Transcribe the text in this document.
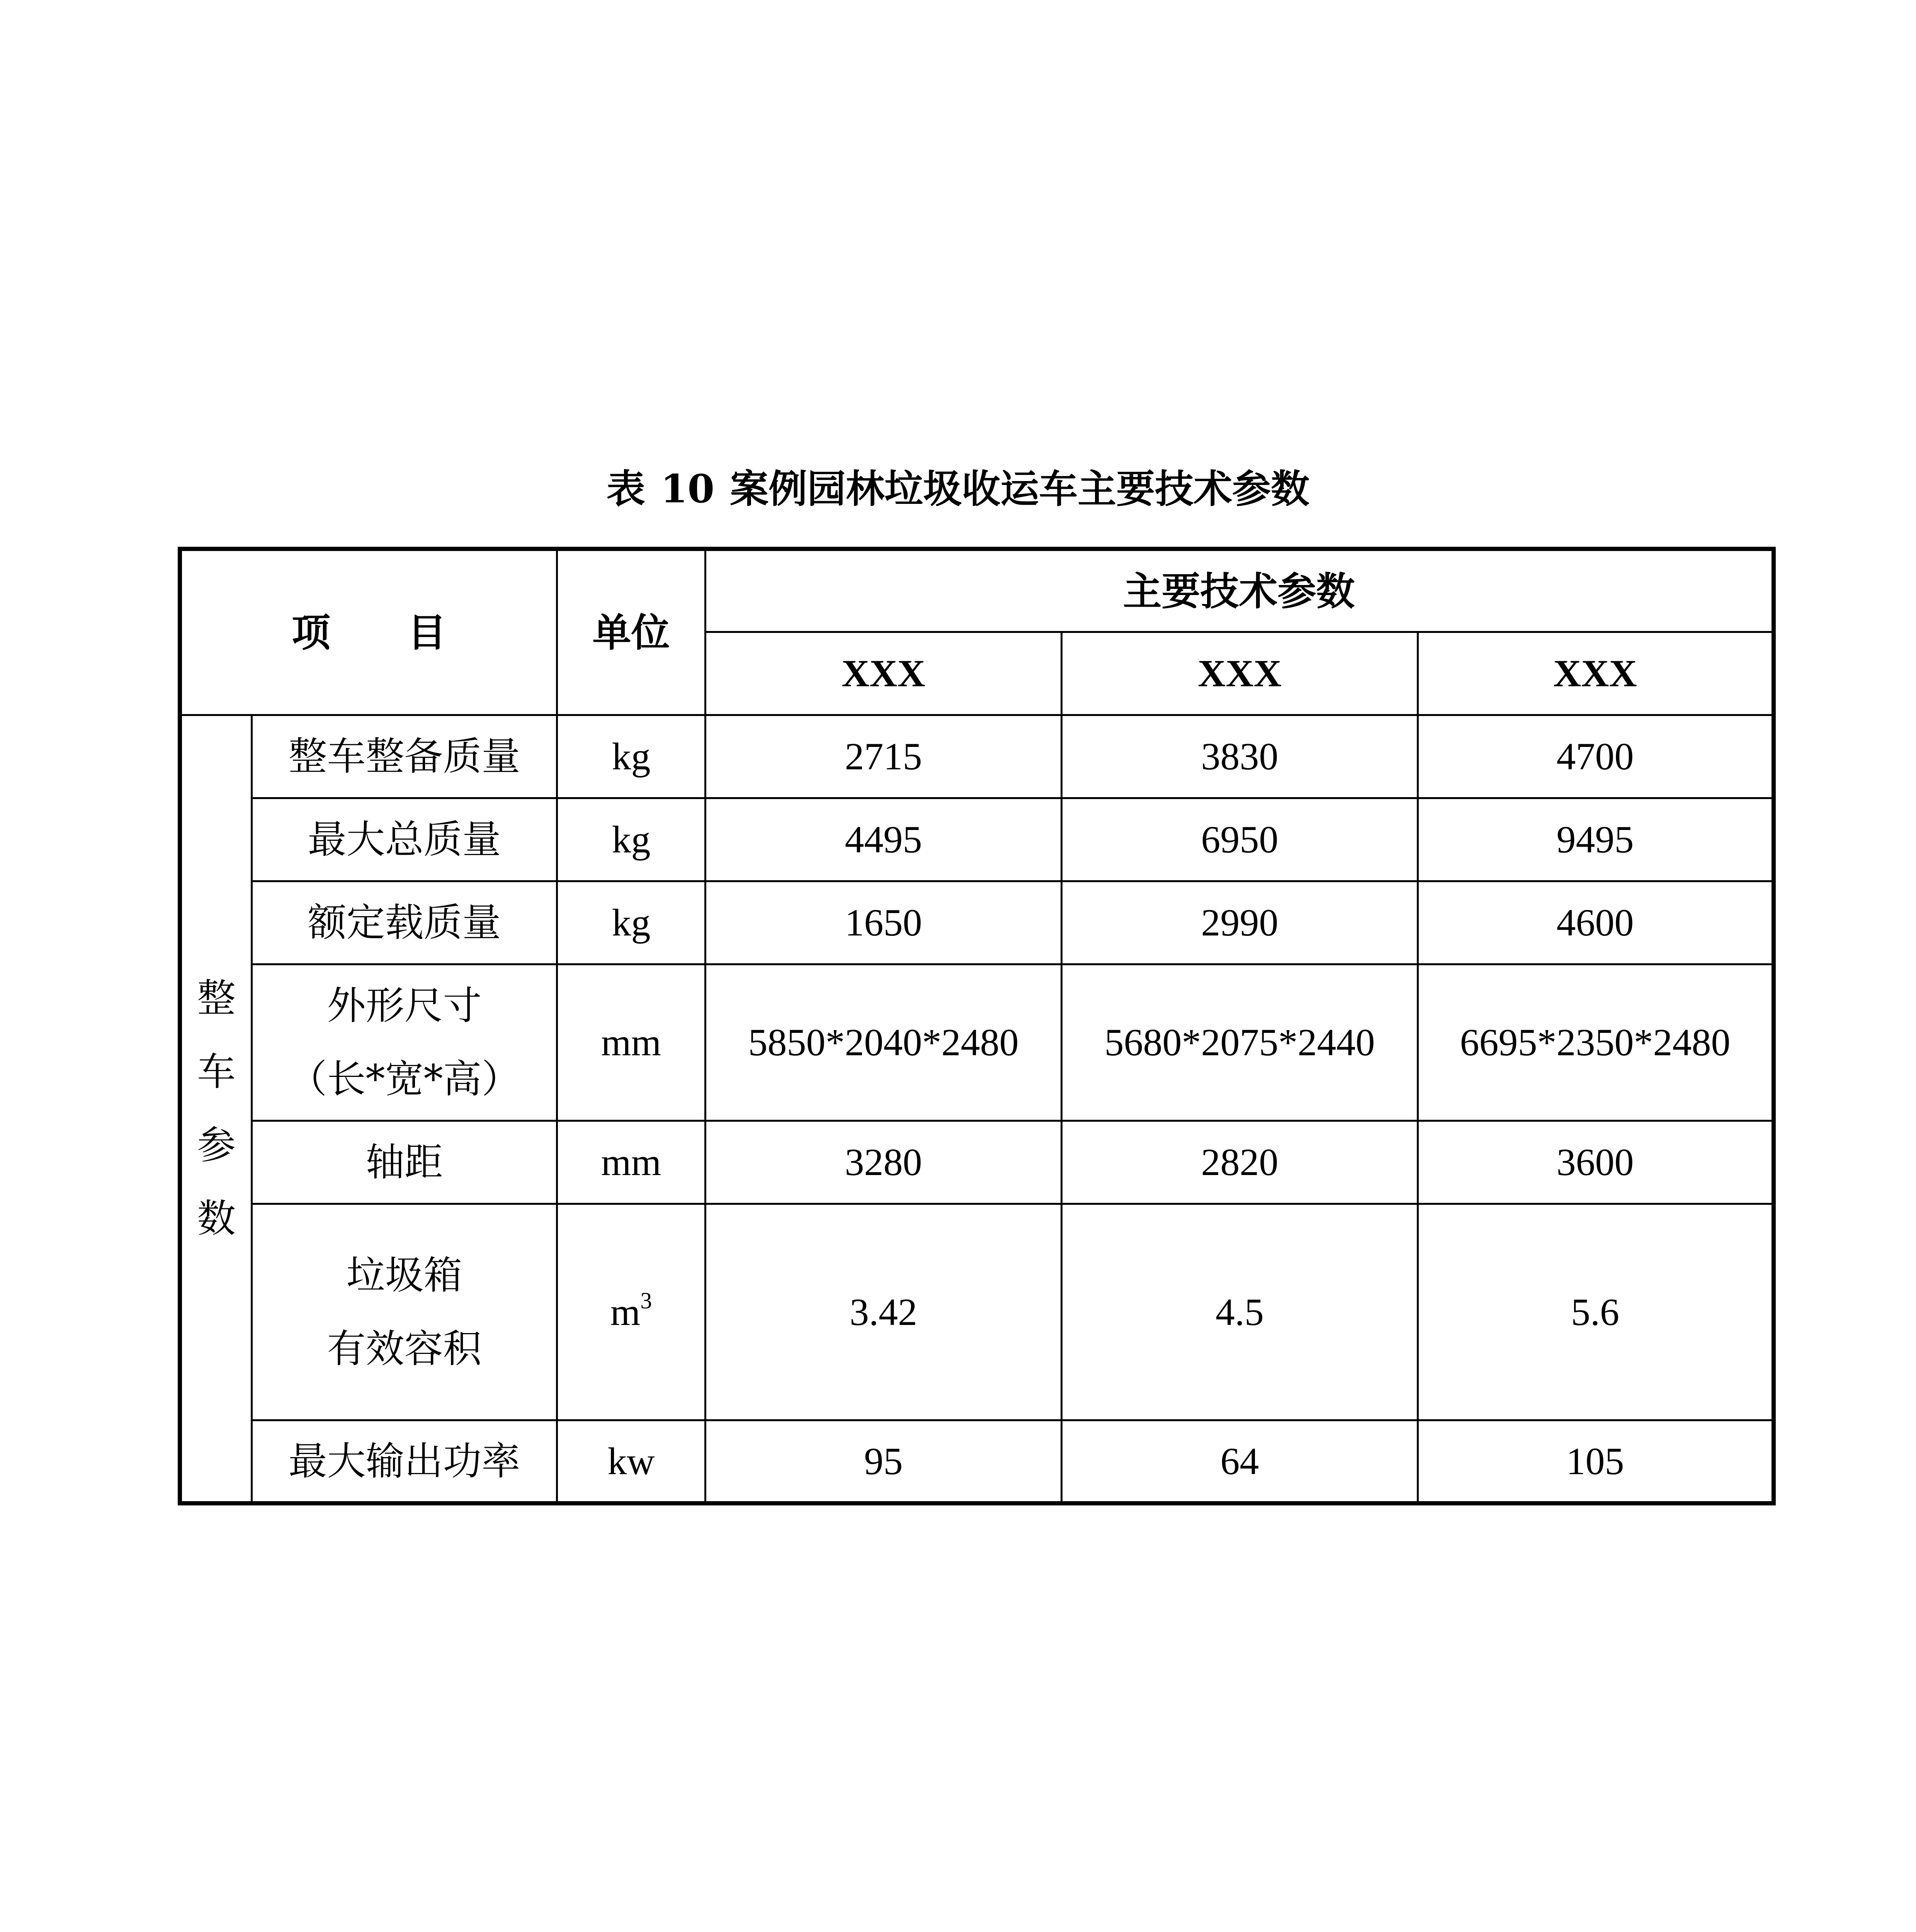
表 10 案例园林垃圾收运车主要技术参数
项　　目		单位	主要技术参数		
			XXX	XXX	XXX

整
车
参
数	整车整备质量	kg	2715	3830	4700
	最大总质量	kg	4495	6950	9495
	额定载质量	kg	1650	2990	4600

	外形尺寸
（长*宽*高）	mm	5850*2040*2480	5680*2075*2440	6695*2350*2480
	轴距	mm	3280	2820	3600

	垃圾箱
有效容积	$m^3$	3.42	4.5	5.6
	最大输出功率	kw	95	64	105
